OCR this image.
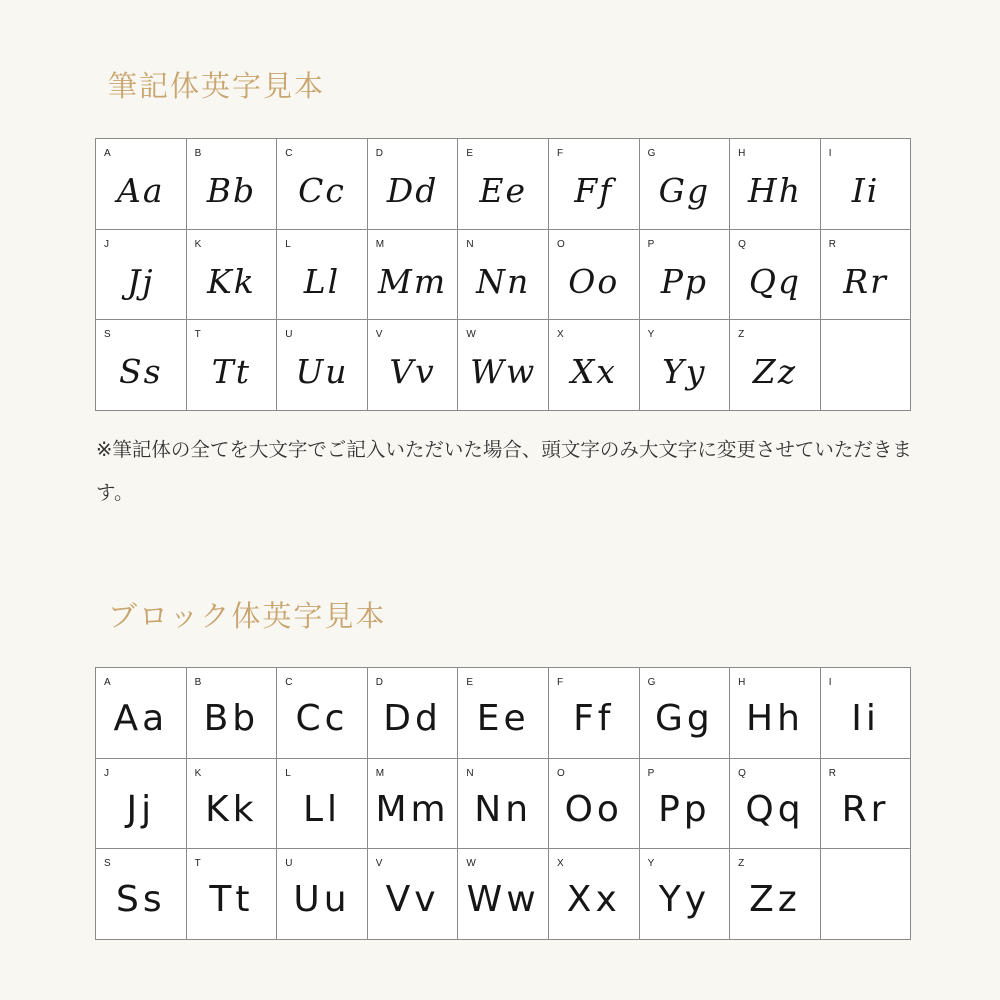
筆記体英字見本
A
Aa
B
Bb
C
Cc
D
Dd
E
Ee
F
Ff
G
Gg
H
Hh
I
Ii
J
Jj
K
Kk
L
Ll
M
Mm
N
Nn
O
Oo
P
Pp
Q
Qq
R
Rr
S
Ss
T
Tt
U
Uu
V
Vv
W
Ww
X
Xx
Y
Yy
Z
Zz

※筆記体の全てを大文字でご記入いただいた場合、頭文字のみ大文字に変更させていただきます。

ブロック体英字見本
A
Aa
B
Bb
C
Cc
D
Dd
E
Ee
F
Ff
G
Gg
H
Hh
I
Ii
J
Jj
K
Kk
L
Ll
M
Mm
N
Nn
O
Oo
P
Pp
Q
Qq
R
Rr
S
Ss
T
Tt
U
Uu
V
Vv
W
Ww
X
Xx
Y
Yy
Z
Zz
